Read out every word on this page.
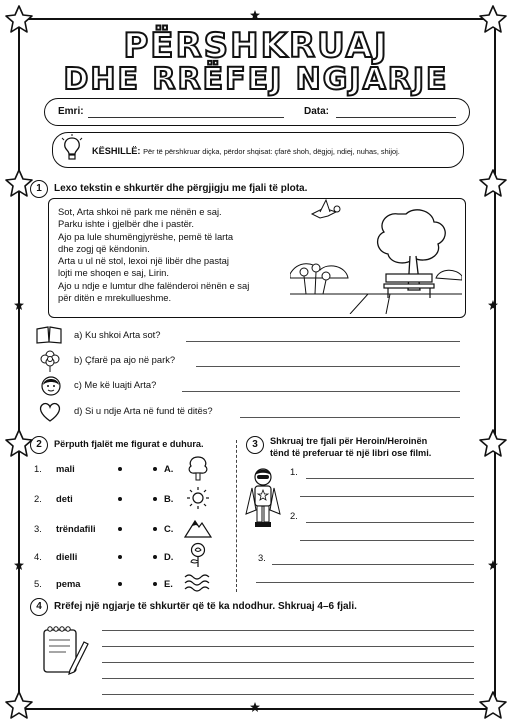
PËRSHKRUAJ
DHE RRËFEJ NGJARJE
Emri:	Data:
KËSHILLË: Për të përshkruar diçka, përdor shqisat: çfarë shoh, dëgjoj, ndiej, nuhas, shijoj.
1	Lexo tekstin e shkurtër dhe përgjigju me fjali të plota.
Sot, Arta shkoi në park me nënën e saj.
Parku ishte i gjelbër dhe i pastër.
Ajo pa lule shumëngjyrëshe, pemë të larta
dhe zogj që këndonin.
Arta u ul në stol, lexoi një libër dhe pastaj
lojti me shoqen e saj, Lirin.
Ajo u ndje e lumtur dhe falënderoi nënën e saj
për ditën e mrekullueshme.
a) Ku shkoi Arta sot?
b) Çfarë pa ajo në park?
c) Me kë luajti Arta?
d) Si u ndje Arta në fund të ditës?
2	Përputh fjalët me figurat e duhura.
1. mali	A.
2. deti	B.
3. trëndafili	C.
4. dielli	D.
5. pema	E.
3	Shkruaj tre fjali për Heroin/Heroinën
tënd të preferuar të një libri ose filmi.
1.
2.
3.
4	Rrëfej një ngjarje të shkurtër që të ka ndodhur. Shkruaj 4–6 fjali.
